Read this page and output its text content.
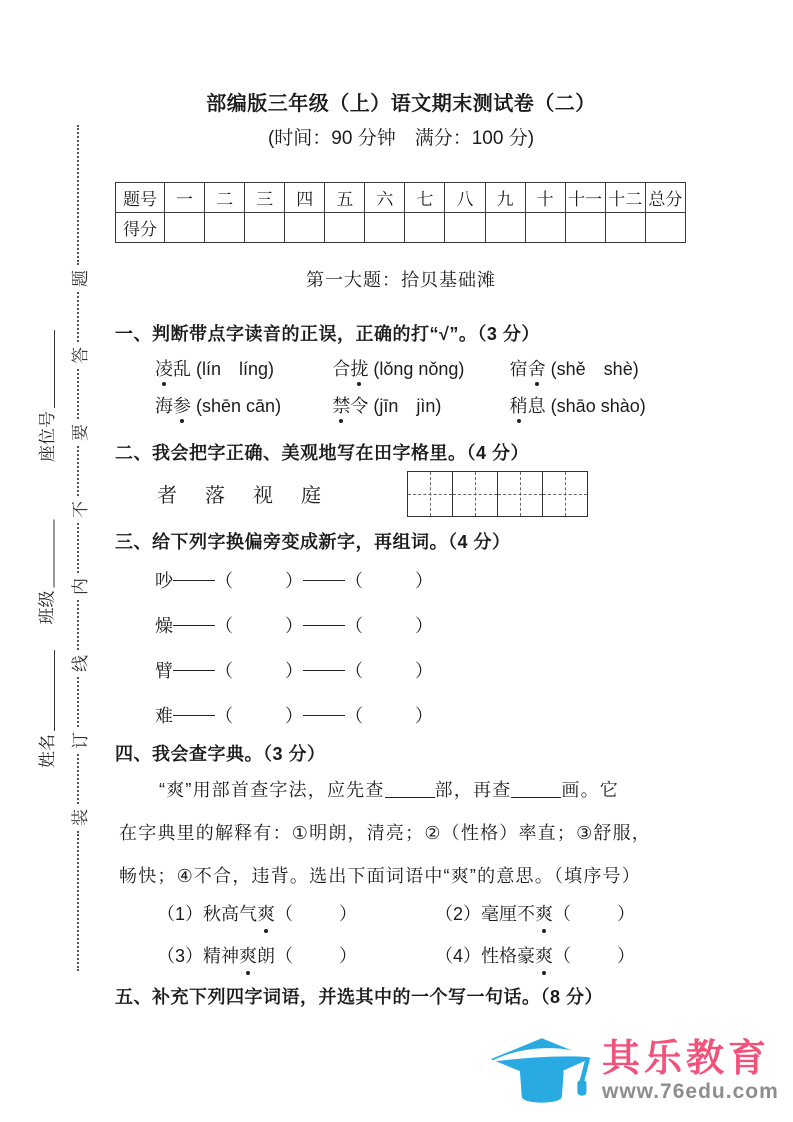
装
订
线
内
不
要
答
题
座位号
班级
姓名
部编版三年级（上）语文期末测试卷（二）
(时间：90 分钟　满分：100 分)
题号	一	二	三	四	五	六	七	八	九	十	十一	十二	总分
得分													
第一大题：拾贝基础滩
一、判断带点字读音的正误，正确的打“√”。（3 分）
凌乱 (lín　líng)	合拢 (lǒng nǒng)	宿舍 (shě　shè)
海参 (shēn cān)	禁令 (jīn　jìn)	稍息 (shāo shào)
二、我会把字正确、美观地写在田字格里。（4 分）
者 落 视 庭
三、给下列字换偏旁变成新字，再组词。（4 分）
吵 （	） （	）
燥 （	） （	）
臂 （	） （	）
难 （	） （	）
四、我会查字典。（3 分）
“爽”用部首查字法，应先查	部，再查	画。它
在字典里的解释有：①明朗，清亮；②（性格）率直；③舒服，
畅快；④不合，违背。选出下面词语中“爽”的意思。（填序号）
（1）秋高气爽（	）	（2）毫厘不爽（	）
（3）精神爽朗（	）	（4）性格豪爽（	）
五、补充下列四字词语，并选其中的一个写一句话。（8 分）
其乐教育
www.76edu.com
